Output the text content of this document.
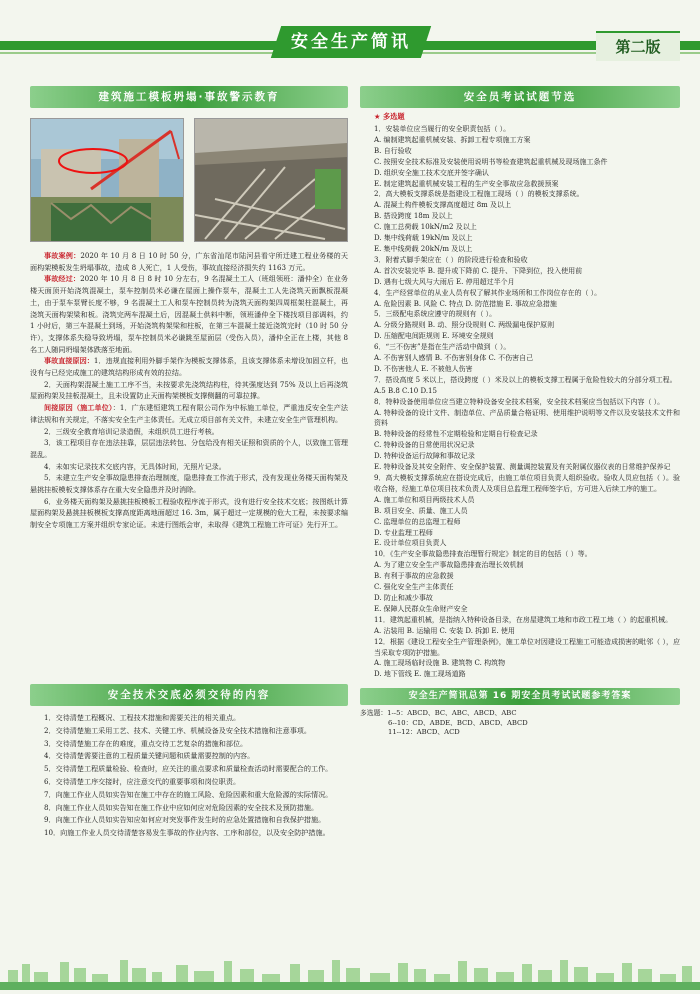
安全生产简讯	第二版
建筑施工模板坍塌·事故警示教育

事故案例：2020 年 10 月 8 日 10 时 50 分，广东省汕尾市陆河县看守所迁建工程业务楼的天面构架模板发生坍塌事故，造成 8 人死亡，1 人受伤，事故直接经济损失约 1163 万元。

事故经过：2020 年 10 月 8 日 8 时 10 分左右，9 名混凝土工人（班组领班：潘仲全）在业务楼天面顶开始浇筑混凝土，泵车控制员米必谦在屋面上操作泵车，混凝土工人先浇筑天面飘板混凝土，由于泵车泵臂长度不够，9 名混凝土工人和泵车控制员转为浇筑天面构架四周框架柱混凝土，再浇筑天面构架梁和板。浇筑完两车混凝土后，因混凝土供料中断，领班潘仲全下楼找项目部调料，约 1 小时后，第三车混凝土到场，开始浇筑构架梁和柱板，在第三车混凝土接近浇筑完时（10 时 50 分许），支撑体系失稳导致坍塌，泵车控制员米必谦跳至屋面层（受伤入员），潘仲全正在上楼，其他 8 名工人随同坍塌架体跌落至地面。

事故直接原因：1．违规直接利用外脚手架作为模板支撑体系，且该支撑体系未增设加固立杆，也没有与已经完成施工的建筑结构形成有效的拉结。

2．天面构架混凝土施工工序不当，未按要求先浇筑结构柱，待其强度达到 75% 及以上后再浇筑屋面构架及挂板混凝土，且未设置防止天面构架模板支撑侧翻的可靠拉撑。

间接原因（施工单位）：1．广东建恒建筑工程有限公司作为中标施工单位，严重违反安全生产法律法规和有关规定，不落实安全生产主体责任。无成立项目部有关文件，未建立安全生产管理机构。

2．三级安全教育培训记录造假，未组织员工进行考核。

3．该工程项目存在违法挂靠，层层违法转包、分包给没有相关证照和资质的个人，以致施工管理混乱。

4．未如实记录技术交底内容，无具体时间，无照片记录。

5．未建立生产安全事故隐患排查治理制度，隐患排查工作流于形式，没有发现业务楼天面构架及悬挑挂板模板支撑体系存在重大安全隐患并及时消除。

6．业务楼天面构架及悬挑挂板模板工程验收程序流于形式，没有进行安全技术交底；按图纸计算屋面构架及悬挑挂板模板支撑高度距离地面超过 16. 3m，属于超过一定规模的危大工程，未按要求编制安全专项施工方案并组织专家论证。未进行图纸会审，未取得《建筑工程施工许可证》先行开工。

安全技术交底必须交待的内容

1．交待清楚工程概况、工程技术措施和需要关注的相关重点。

2．交待清楚施工采用工艺、技术、关键工序、机械设备及安全技术措施和注意事项。

3．交待清楚施工存在的难度，重点交待工艺复杂的措施和部位。

4．交待清楚需要注意的工程质量关键问题和质量需要控制的内容。

5．交待清楚工程质量检验、检查时，应关注的重点要求和质量检查活动时需要配合的工作。

6．交待清楚工序交接时，应注意交代的重要事项和岗位职责。

7．向施工作业人员如实告知在施工中存在的施工风险、危险因素和重大危险源的实际情况。

8．向施工作业人员如实告知在施工作业中应如何应对危险因素的安全技术及预防措施。

9．向施工作业人员如实告知应如何应对突发事件发生时的应急处置措施和自我保护措施。

10．向施工作业人员交待清楚容易发生事故的作业内容、工序和部位，以及安全防护措施。

安全员考试试题节选
★ 多选题

1．安装单位应当履行的安全职责包括（ ）。

A. 编制建筑起重机械安装、拆卸工程专项施工方案

B. 自行验收

C. 按照安全技术标准及安装使用说明书等检查建筑起重机械及现场施工条件

D. 组织安全施工技术交底并签字确认

E. 制定建筑起重机械安装工程的生产安全事故应急救援预案

2．高大模板支撑系统是指建设工程施工现场（ ）的模板支撑系统。

A. 混凝土构件模板支撑高度超过 8m 及以上

B. 搭设跨度 18m 及以上

C. 施工总荷载 10kN/m2 及以上

D. 集中线荷载 19kN/m 及以上

E. 集中线荷载 20kN/m 及以上

3．附着式脚手架应在（ ）的阶段进行检查和验收

A. 首次安装完毕 B. 提升或下降前 C. 提升、下降到位，投入使用前

D. 遇有七级大风与大雨后 E. 停用超过半个月

4．生产经营单位的从业人员有权了解其作业场所和工作岗位存在的（ ）。

A. 危险因素 B. 风险 C. 特点 D. 防范措施 E. 事故应急措施

5．三级配电系统应遵守的规则有（ ）。

A. 分级分路规则 B. 动、照分设规则 C. 两级漏电保护原则

D. 压缩配电间距规则 E. 环境安全规则

6．“三不伤害”是指在生产活动中做到（ ）。

A. 不伤害别人感情 B. 不伤害别身体 C. 不伤害自己

D. 不伤害他人 E. 不被他人伤害

7．搭设高度 5 米以上，搭设跨度（ ）米及以上的模板支撑工程属于危险性较大的分部分项工程。

A.5 B.8 C.10 D.15

8．特种设备使用单位应当建立特种设备安全技术档案，安全技术档案应当包括以下内容（ ）。

A. 特种设备的设计文件、制造单位、产品质量合格证明、使用维护说明等文件以及安装技术文件和资料

B. 特种设备的经常性不定期检验和定期自行检查记录

C. 特种设备的日常使用状况记录

D. 特种设备运行故障和事故记录

E. 特种设备及其安全附件、安全保护装置、测量调控装置及有关附属仪器仪表的日常维护保养记

9．高大模板支撑系统应在搭设完成后，由施工单位项目负责人组织验收。验收人员应包括（ ）。验收合格，经施工单位项目技术负责人及项目总监理工程师签字后，方可进入后续工序的施工。

A. 施工单位和项目两级技术人员

B. 项目安全、质量、施工人员

C. 监理单位的总监理工程师

D. 专业监理工程师

E. 设计单位项目负责人

10．《生产安全事故隐患排查治理暂行规定》制定的目的包括（ ）等。

A. 为了建立安全生产事故隐患排查治理长效机制

B. 有利于事故的应急救援

C. 强化安全生产主体责任

D. 防止和减少事故

E. 保障人民群众生命财产安全

11．建筑起重机械，是指纳入特种设备目录，在房屋建筑工地和市政工程工地（ ）的起重机械。

A. 沾装用 B. 运输用 C. 安装 D. 拆卸 E. 使用

12．根据《建设工程安全生产管理条例》，施工单位对因建设工程施工可能造成损害的毗邻（ ），应当采取专项防护措施。

A. 施工现场临时设施 B. 建筑物 C. 构筑物

D. 地下管线 E. 施工现场道路

安全生产简讯总第 16 期安全员考试试题参考答案
多选题：1--5：ABCD、BC、ABC、ABCD、ABC
6--10：CD、ABDE、BCD、ABCD、ABCD
11--12：ABCD、ACD
